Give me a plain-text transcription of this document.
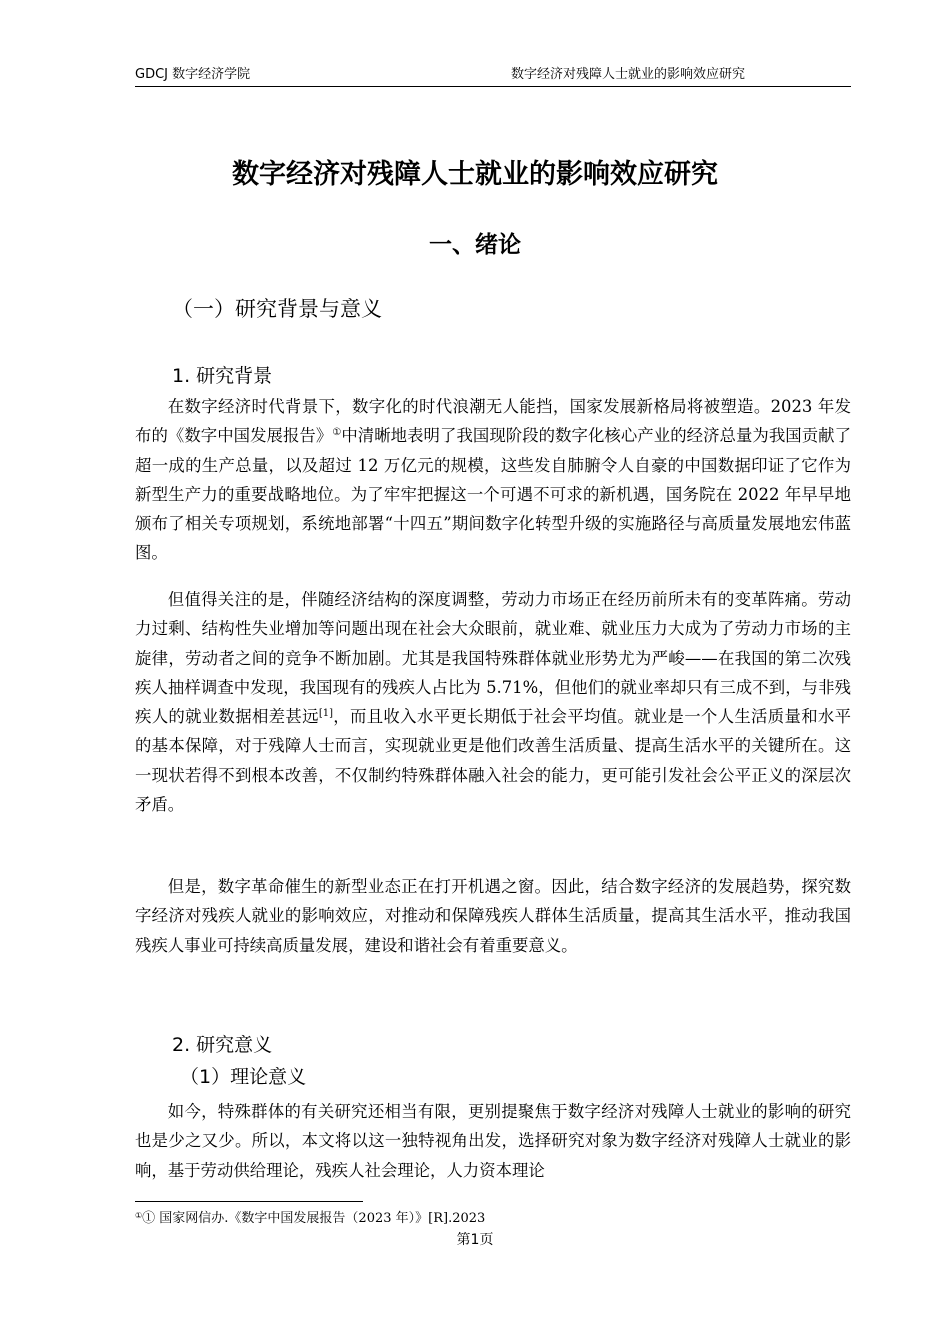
GDCJ 数字经济学院	数字经济对残障人士就业的影响效应研究
数字经济对残障人士就业的影响效应研究
一、绪论
（一）研究背景与意义
1. 研究背景

在数字经济时代背景下，数字化的时代浪潮无人能挡，国家发展新格局将被塑造。2023 年发布的《数字中国发展报告》①中清晰地表明了我国现阶段的数字化核心产业的经济总量为我国贡献了超一成的生产总量，以及超过 12 万亿元的规模，这些发自肺腑令人自豪的中国数据印证了它作为新型生产力的重要战略地位。为了牢牢把握这一个可遇不可求的新机遇，国务院在 2022 年早早地颁布了相关专项规划，系统地部署“十四五”期间数字化转型升级的实施路径与高质量发展地宏伟蓝图。

但值得关注的是，伴随经济结构的深度调整，劳动力市场正在经历前所未有的变革阵痛。劳动力过剩、结构性失业增加等问题出现在社会大众眼前，就业难、就业压力大成为了劳动力市场的主旋律，劳动者之间的竞争不断加剧。尤其是我国特殊群体就业形势尤为严峻——在我国的第二次残疾人抽样调查中发现，我国现有的残疾人占比为 5.71%，但他们的就业率却只有三成不到，与非残疾人的就业数据相差甚远[1]，而且收入水平更长期低于社会平均值。就业是一个人生活质量和水平的基本保障，对于残障人士而言，实现就业更是他们改善生活质量、提高生活水平的关键所在。这一现状若得不到根本改善，不仅制约特殊群体融入社会的能力，更可能引发社会公平正义的深层次矛盾。

但是，数字革命催生的新型业态正在打开机遇之窗。因此，结合数字经济的发展趋势，探究数字经济对残疾人就业的影响效应，对推动和保障残疾人群体生活质量，提高其生活水平，推动我国残疾人事业可持续高质量发展，建设和谐社会有着重要意义。

2. 研究意义
（1）理论意义

如今，特殊群体的有关研究还相当有限，更别提聚焦于数字经济对残障人士就业的影响的研究也是少之又少。所以，本文将以这一独特视角出发，选择研究对象为数字经济对残障人士就业的影响，基于劳动供给理论，残疾人社会理论，人力资本理论

①① 国家网信办.《数字中国发展报告（2023 年）》[R].2023

第1页
